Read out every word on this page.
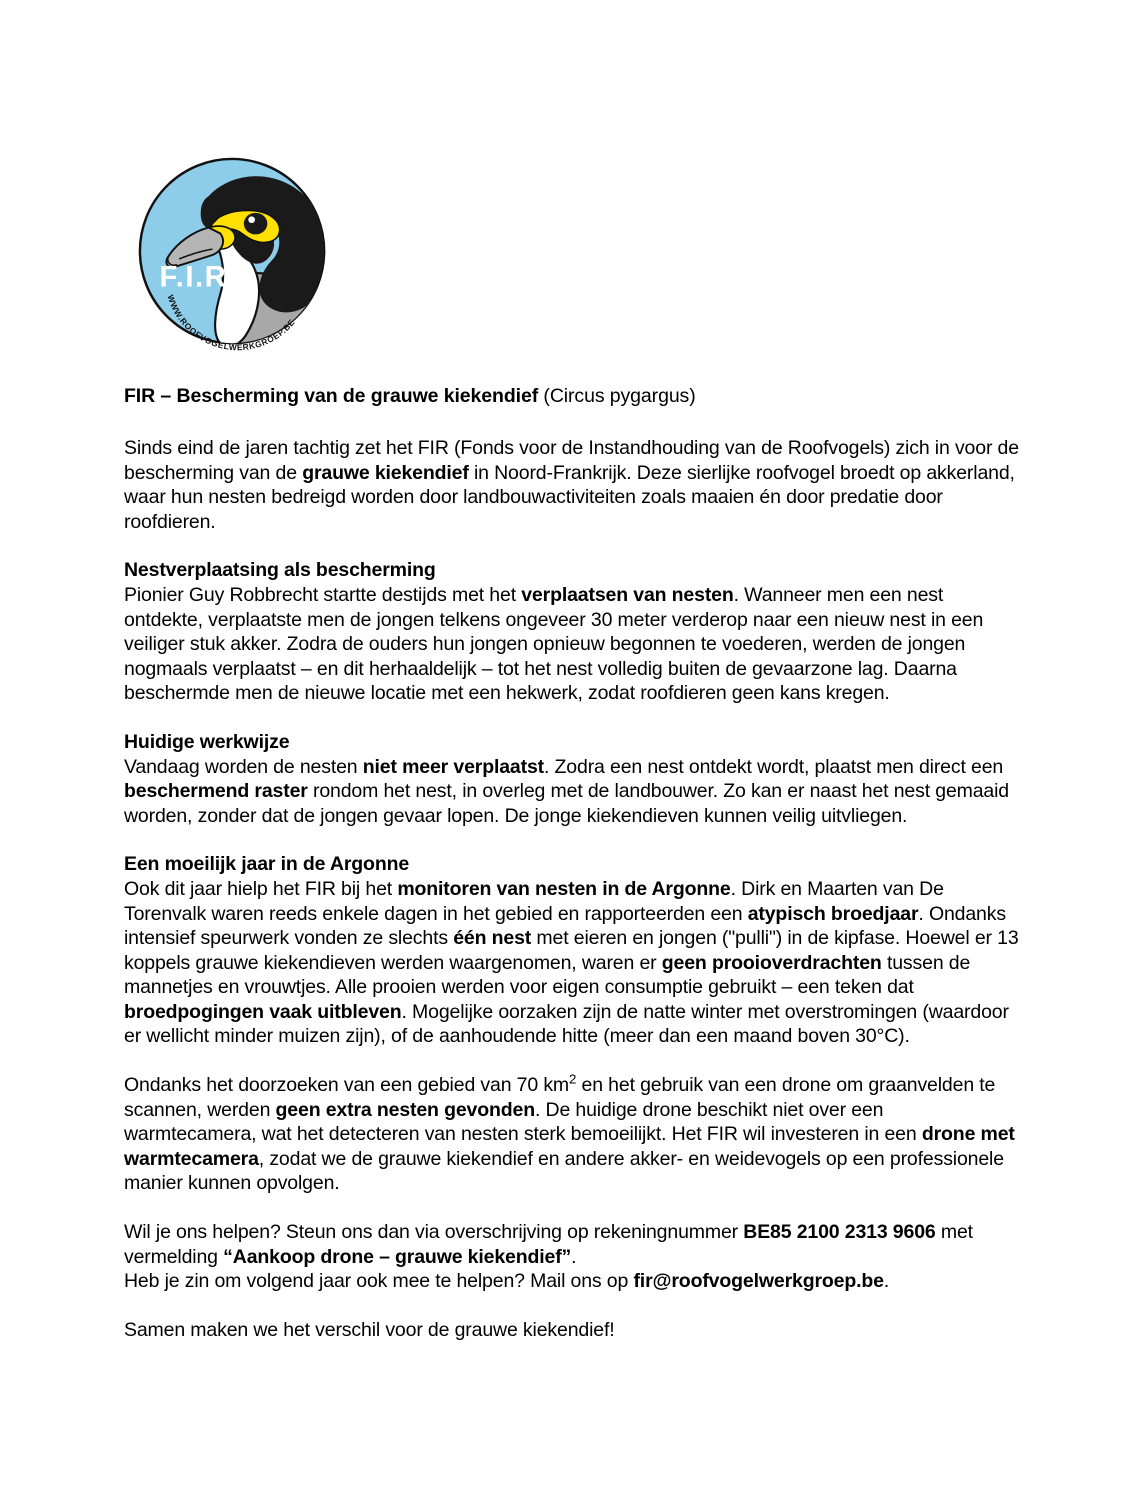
F.I.R.
WWW.ROOFVOGELWERKGROEP.BE
FIR – Bescherming van de grauwe kiekendief (Circus pygargus)

Sinds eind de jaren tachtig zet het FIR (Fonds voor de Instandhouding van de Roofvogels) zich in voor de bescherming van de grauwe kiekendief in Noord-Frankrijk. Deze sierlijke roofvogel broedt op akkerland, waar hun nesten bedreigd worden door landbouwactiviteiten zoals maaien én door predatie door roofdieren.

Nestverplaatsing als bescherming

Pionier Guy Robbrecht startte destijds met het verplaatsen van nesten. Wanneer men een nest ontdekte, verplaatste men de jongen telkens ongeveer 30 meter verderop naar een nieuw nest in een veiliger stuk akker. Zodra de ouders hun jongen opnieuw begonnen te voederen, werden de jongen nogmaals verplaatst – en dit herhaaldelijk – tot het nest volledig buiten de gevaarzone lag. Daarna beschermde men de nieuwe locatie met een hekwerk, zodat roofdieren geen kans kregen.

Huidige werkwijze

Vandaag worden de nesten niet meer verplaatst. Zodra een nest ontdekt wordt, plaatst men direct een beschermend raster rondom het nest, in overleg met de landbouwer. Zo kan er naast het nest gemaaid worden, zonder dat de jongen gevaar lopen. De jonge kiekendieven kunnen veilig uitvliegen.

Een moeilijk jaar in de Argonne

Ook dit jaar hielp het FIR bij het monitoren van nesten in de Argonne. Dirk en Maarten van De Torenvalk waren reeds enkele dagen in het gebied en rapporteerden een atypisch broedjaar. Ondanks intensief speurwerk vonden ze slechts één nest met eieren en jongen ("pulli") in de kipfase. Hoewel er 13 koppels grauwe kiekendieven werden waargenomen, waren er geen prooioverdrachten tussen de mannetjes en vrouwtjes. Alle prooien werden voor eigen consumptie gebruikt – een teken dat broedpogingen vaak uitbleven. Mogelijke oorzaken zijn de natte winter met overstromingen (waardoor er wellicht minder muizen zijn), of de aanhoudende hitte (meer dan een maand boven 30°C).

Ondanks het doorzoeken van een gebied van 70 $km^2$ en het gebruik van een drone om graanvelden te scannen, werden geen extra nesten gevonden. De huidige drone beschikt niet over een warmtecamera, wat het detecteren van nesten sterk bemoeilijkt. Het FIR wil investeren in een drone met warmtecamera, zodat we de grauwe kiekendief en andere akker- en weidevogels op een professionele manier kunnen opvolgen.

Wil je ons helpen? Steun ons dan via overschrijving op rekeningnummer BE85 2100 2313 9606 met vermelding “Aankoop drone – grauwe kiekendief”.

Heb je zin om volgend jaar ook mee te helpen? Mail ons op fir@roofvogelwerkgroep.be.

Samen maken we het verschil voor de grauwe kiekendief!
